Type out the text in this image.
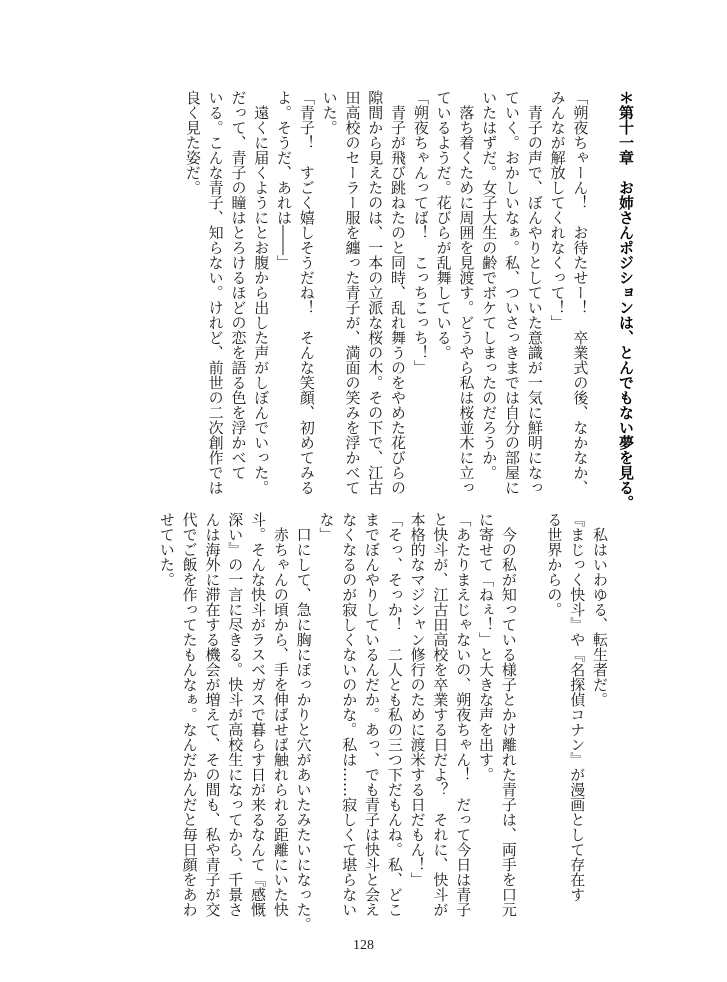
＊第十一章　お姉さんポジションは、とんでもない夢を見る。
「朔夜ちゃーん！　お待たせー！　卒業式の後、なかなか、
みんなが解放してくれなくって！」
　青子の声で、ぼんやりとしていた意識が一気に鮮明になっ
ていく。おかしいなぁ。私、ついさっきまでは自分の部屋に
いたはずだ。女子大生の齢でボケてしまったのだろうか。
　落ち着くために周囲を見渡す。どうやら私は桜並木に立っ
ているようだ。花びらが乱舞している。
「朔夜ちゃんってば！　こっちこっち！」
　青子が飛び跳ねたのと同時、乱れ舞うのをやめた花びらの
隙間から見えたのは、一本の立派な桜の木。その下で、江古
田高校のセーラー服を纏った青子が、満面の笑みを浮かべて
いた。
「青子！　すごく嬉しそうだね！　そんな笑顔、初めてみる
よ。そうだ、あれは――」
　遠くに届くようにとお腹から出した声がしぼんでいった。
だって、青子の瞳はとろけるほどの恋を語る色を浮かべて
いる。こんな青子、知らない。けれど、前世の二次創作では
良く見た姿だ。
　私はいわゆる、転生者だ。
『まじっく快斗』や『名探偵コナン』が漫画として存在す
る世界からの。
　今の私が知っている様子とかけ離れた青子は、両手を口元
に寄せて「ねぇ！」と大きな声を出す。
「あたりまえじゃないの、朔夜ちゃん！　だって今日は青子
と快斗が、江古田高校を卒業する日だよ？　それに、快斗が
本格的なマジシャン修行のために渡米する日だもん！」
「そっ、そっか！　二人とも私の三つ下だもんね。私、どこ
までぼんやりしているんだか。あっ、でも青子は快斗と会え
なくなるのが寂しくないのかな。私は……寂しくて堪らない
な」
　口にして、急に胸にぽっかりと穴があいたみたいになった。
　赤ちゃんの頃から、手を伸ばせば触れられる距離にいた快
斗。そんな快斗がラスベガスで暮らす日が来るなんて『感慨
深い』の一言に尽きる。快斗が高校生になってから、千景さ
んは海外に滞在する機会が増えて、その間も、私や青子が交
代でご飯を作ってたもんなぁ。なんだかんだと毎日顔をあわ
せていた。
128
